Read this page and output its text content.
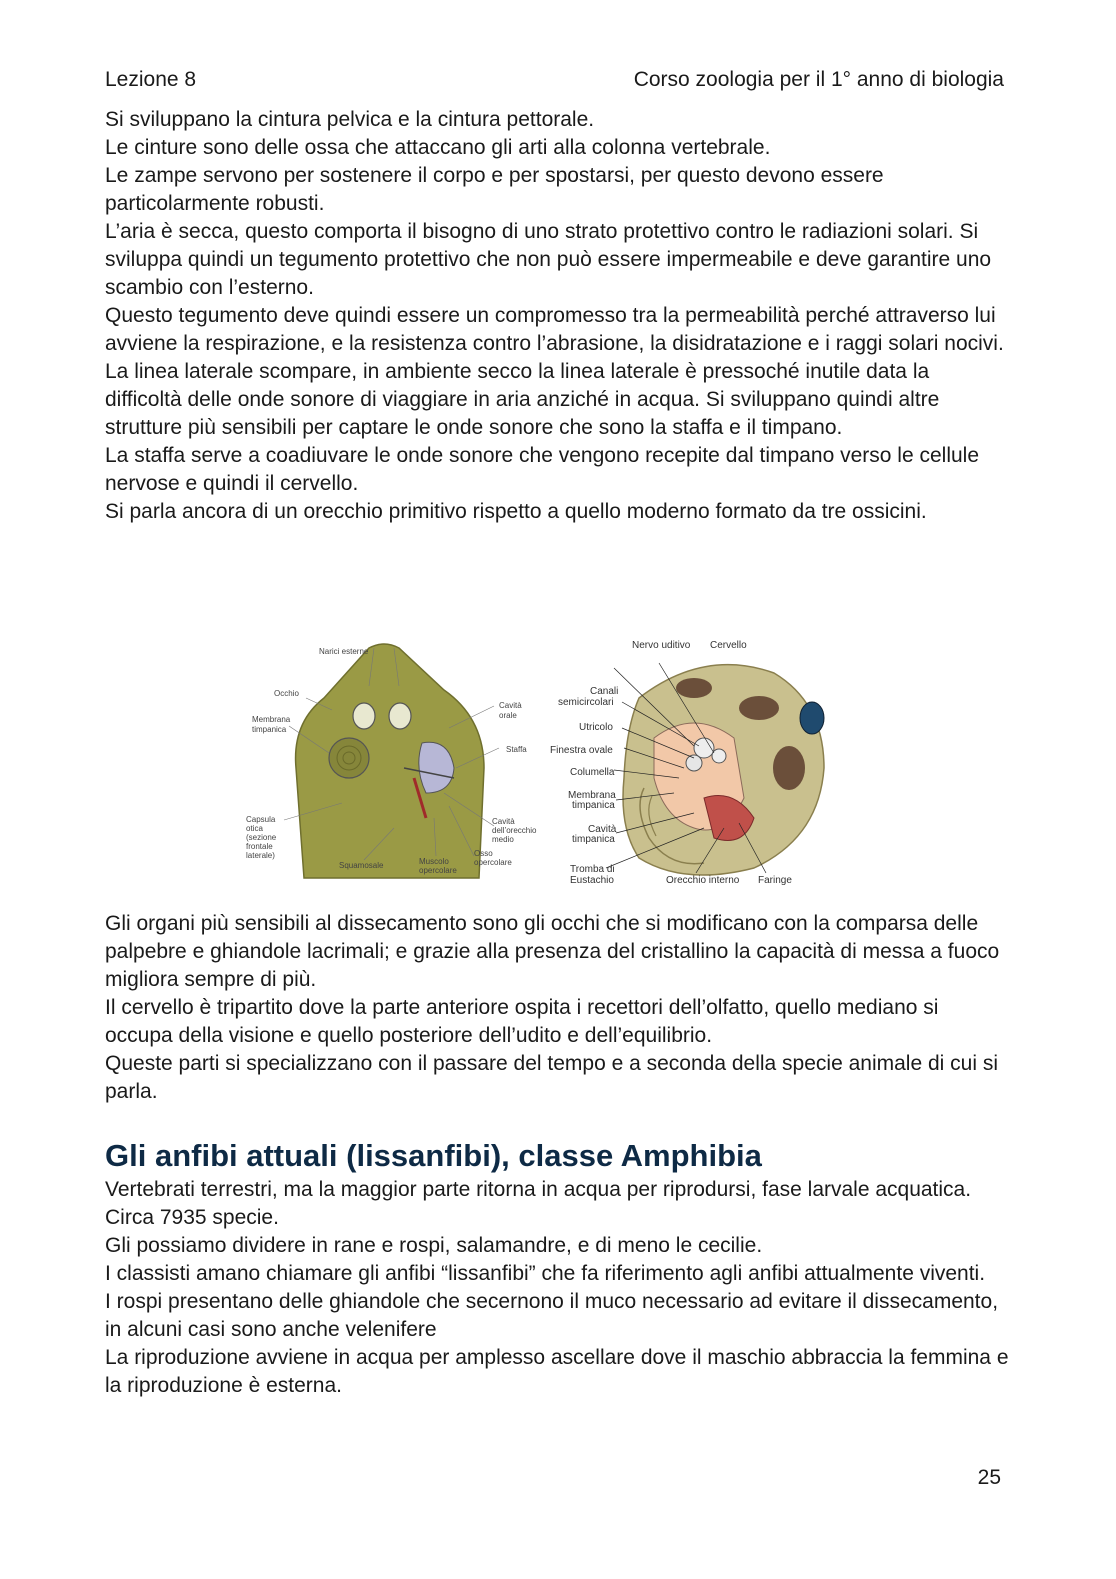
Lezione 8	Corso zoologia per il 1° anno di biologia

Si sviluppano la cintura pelvica e la cintura pettorale.

Le cinture sono delle ossa che attaccano gli arti alla colonna vertebrale.

Le zampe servono per sostenere il corpo e per spostarsi, per questo devono essere particolarmente robusti.

L’aria è secca, questo comporta il bisogno di uno strato protettivo contro le radiazioni solari. Si sviluppa quindi un tegumento protettivo che non può essere impermeabile e deve garantire uno scambio con l’esterno.

Questo tegumento deve quindi essere un compromesso tra la permeabilità perché attraverso lui avviene la respirazione, e la resistenza contro l’abrasione, la disidratazione e i raggi solari nocivi.

La linea laterale scompare, in ambiente secco la linea laterale è pressoché inutile data la difficoltà delle onde sonore di viaggiare in aria anziché in acqua. Si sviluppano quindi altre strutture più sensibili per captare le onde sonore che sono la staffa e il timpano.

La staffa serve a coadiuvare le onde sonore che vengono recepite dal timpano verso le cellule nervose e quindi il cervello.

Si parla ancora di un orecchio primitivo rispetto a quello moderno formato da tre ossicini.

Narici esterne
Occhio
Membrana
timpanica
Cavità
orale
Staffa
Capsula
otica
(sezione
frontale
laterale)
Cavità
dell’orecchio
medio
Squamosale	Muscolo
opercolare
Osso
opercolare
Nervo uditivo Cervello
Canali
semicircolari
Utricolo
Finestra ovale
Columella
Membrana
timpanica
Cavità
timpanica
Tromba di
Eustachio	Orecchio interno Faringe

Gli organi più sensibili al dissecamento sono gli occhi che si modificano con la comparsa delle palpebre e ghiandole lacrimali; e grazie alla presenza del cristallino la capacità di messa a fuoco migliora sempre di più.

Il cervello è tripartito dove la parte anteriore ospita i recettori dell’olfatto, quello mediano si occupa della visione e quello posteriore dell’udito e dell’equilibrio.

Queste parti si specializzano con il passare del tempo e a seconda della specie animale di cui si parla.

Gli anfibi attuali (lissanfibi), classe Amphibia

Vertebrati terrestri, ma la maggior parte ritorna in acqua per riprodursi, fase larvale acquatica. Circa 7935 specie.

Gli possiamo dividere in rane e rospi, salamandre, e di meno le cecilie.

I classisti amano chiamare gli anfibi “lissanfibi” che fa riferimento agli anfibi attualmente viventi.

I rospi presentano delle ghiandole che secernono il muco necessario ad evitare il dissecamento, in alcuni casi sono anche velenifere

La riproduzione avviene in acqua per amplesso ascellare dove il maschio abbraccia la femmina e la riproduzione è esterna.

25
